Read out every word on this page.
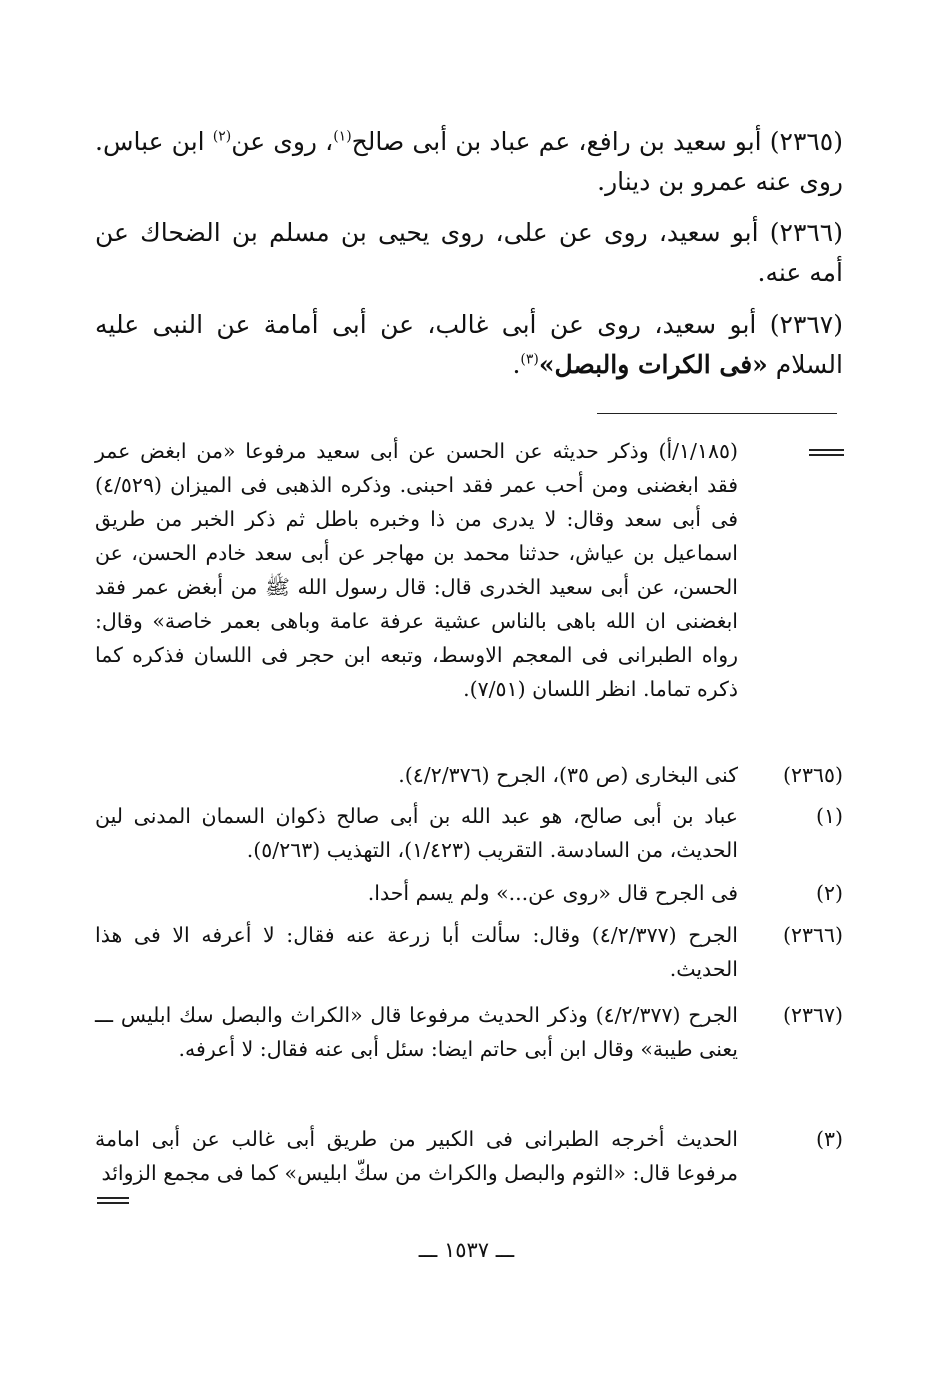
(٢٣٦٥) أبو سعيد بن رافع، عم عباد بن أبى صالح$^{(١)}$، روى عن$^{(٢)}$ ابن عباس. روى عنه عمرو بن دينار.
(٢٣٦٦) أبو سعيد، روى عن على، روى يحيى بن مسلم بن الضحاك عن أمه عنه.
(٢٣٦٧) أبو سعيد، روى عن أبى غالب، عن أبى أمامة عن النبى عليه السلام «فى الكرات والبصل»$^{(٣)}$.
(١/١٨٥/أ) وذكر حديثه عن الحسن عن أبى سعيد مرفوعا «من ابغض عمر فقد ابغضنى ومن أحب عمر فقد احبنى. وذكره الذهبى فى الميزان (٤/٥٢٩) فى أبى سعد وقال: لا يدرى من ذا وخبره باطل ثم ذكر الخبر من طريق اسماعيل بن عياش، حدثنا محمد بن مهاجر عن أبى سعد خادم الحسن، عن الحسن، عن أبى سعيد الخدرى قال: قال رسول الله ﷺ من أبغض عمر فقد ابغضنى ان الله باهى بالناس عشية عرفة عامة وباهى بعمر خاصة» وقال: رواه الطبرانى فى المعجم الاوسط، وتبعه ابن حجر فى اللسان فذكره كما ذكره تماما. انظر اللسان (٧/٥١).
(٢٣٦٥)
كنى البخارى (ص ٣٥)، الجرح (٤/٢/٣٧٦).
(١)
عباد بن أبى صالح، هو عبد الله بن أبى صالح ذكوان السمان المدنى لين الحديث، من السادسة. التقريب (١/٤٢٣)، التهذيب (٥/٢٦٣).
(٢)
فى الجرح قال «روى عن...» ولم يسم أحدا.
(٢٣٦٦)
الجرح (٤/٢/٣٧٧) وقال: سألت أبا زرعة عنه فقال: لا أعرفه الا فى هذا الحديث.
(٢٣٦٧)
الجرح (٤/٢/٣٧٧) وذكر الحديث مرفوعا قال «الكراث والبصل سك ابليس ـــ يعنى طيبة» وقال ابن أبى حاتم ايضا: سئل أبى عنه فقال: لا أعرفه.
(٣)
الحديث أخرجه الطبرانى فى الكبير من طريق أبى غالب عن أبى امامة مرفوعا قال: «الثوم والبصل والكراث من سكّ ابليس» كما فى مجمع الزوائد
ـــ ١٥٣٧ ـــ
